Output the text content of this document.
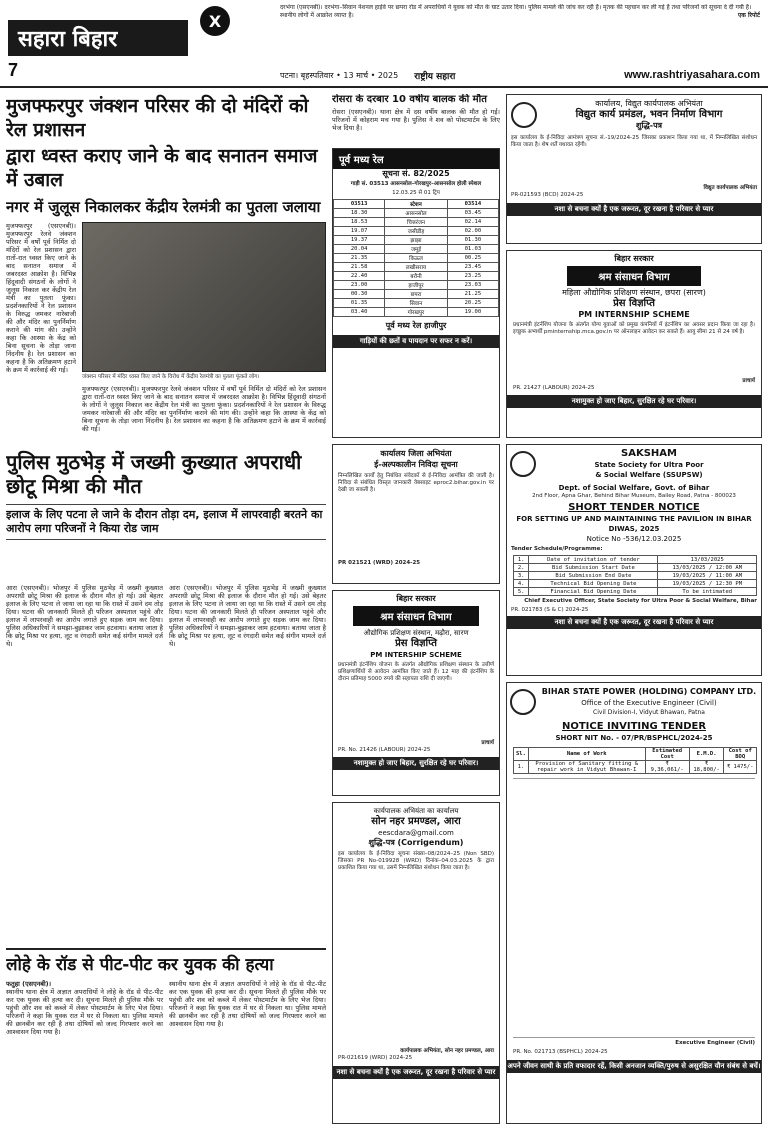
सहारा बिहार
7
X
दरभंगा (एसएनबी)। दरभंगा–सिवान नेशनल हाईवे पर छपरा रोड में अपराधियों ने युवक को मौत के घाट उतार दिया। पुलिस मामले की जांच कर रही है। मृतक की पहचान कर ली गई है तथा परिजनों को सूचना दे दी गयी है। स्थानीय लोगों में आक्रोश व्याप्त है।	एक रिपोर्ट
पटना। बृहस्पतिवार • 13 मार्च • 2025 राष्ट्रीय सहारा	www.rashtriyasahara.com
मुजफ्फरपुर जंक्शन परिसर की दो मंदिरों को रेल प्रशासन
द्वारा ध्वस्त कराए जाने के बाद सनातन समाज में उबाल
नगर में जुलूस निकालकर केंद्रीय रेलमंत्री का पुतला जलाया
मुजफ्फरपुर (एसएनबी)। मुजफ्फरपुर रेलवे जंक्शन परिसर में वर्षों पूर्व निर्मित दो मंदिरों को रेल प्रशासन द्वारा रातों-रात ध्वस्त किए जाने के बाद सनातन समाज में जबरदस्त आक्रोश है। विभिन्न हिंदूवादी संगठनों के लोगों ने जुलूस निकाल कर केंद्रीय रेल मंत्री का पुतला फूंका। प्रदर्शनकारियों ने रेल प्रशासन के विरुद्ध जमकर नारेबाजी की और मंदिर का पुनर्निर्माण कराने की मांग की। उन्होंने कहा कि आस्था के केंद्र को बिना सूचना के तोड़ा जाना निंदनीय है। रेल प्रशासन का कहना है कि अतिक्रमण हटाने के क्रम में कार्रवाई की गई।
जंक्शन परिसर में मंदिर ध्वस्त किए जाने के विरोध में केंद्रीय रेलमंत्री का पुतला फूंकते लोग।
मुजफ्फरपुर (एसएनबी)। मुजफ्फरपुर रेलवे जंक्शन परिसर में वर्षों पूर्व निर्मित दो मंदिरों को रेल प्रशासन द्वारा रातों-रात ध्वस्त किए जाने के बाद सनातन समाज में जबरदस्त आक्रोश है। विभिन्न हिंदूवादी संगठनों के लोगों ने जुलूस निकाल कर केंद्रीय रेल मंत्री का पुतला फूंका। प्रदर्शनकारियों ने रेल प्रशासन के विरुद्ध जमकर नारेबाजी की और मंदिर का पुनर्निर्माण कराने की मांग की। उन्होंने कहा कि आस्था के केंद्र को बिना सूचना के तोड़ा जाना निंदनीय है। रेल प्रशासन का कहना है कि अतिक्रमण हटाने के क्रम में कार्रवाई की गई।
रोसरा के दरबार 10 वर्षीय बालक की मौत
रोसरा (एसएनबी)। थाना क्षेत्र में दस वर्षीय बालक की मौत हो गई। परिजनों में कोहराम मच गया है। पुलिस ने शव को पोस्टमार्टम के लिए भेज दिया है।
पूर्व मध्य रेल
सूचना सं. 82/2025
गाड़ी सं. 03513 आसनसोल–गोरखपुर–आसनसोल होली स्पेशल
12.03.25 से 01 ट्रिप
03513	स्टेशन	03514
18.30	आसनसोल	03.45
18.53	चित्तरंजन	02.14
19.07	जसीडीह	02.00
19.37	झाझा	01.30
20.04	जमुई	01.03
21.35	किऊल	00.25
21.58	लखीसराय	23.45
22.40	बरौनी	23.25
23.00	हाजीपुर	23.03
00.30	छपरा	21.25
01.35	सिवान	20.25
03.40	गोरखपुर	19.00
पूर्व मध्य रेल हाजीपुर
गाड़ियों की छतों व पायदान पर सफर न करें।
कार्यालय, विद्युत कार्यपालक अभियंता
विद्युत कार्य प्रमंडल, भवन निर्माण विभाग
शुद्धि-पत्र
इस कार्यालय के ई-निविदा आमंत्रण सूचना सं.-19/2024-25 जिसका प्रकाशन किया गया था, में निम्नलिखित संशोधन किया जाता है। शेष शर्तें यथावत रहेंगी।
विद्युत कार्यपालक अभियंता
PR-021593 (BCD) 2024-25
नशा से बचना क्यों है एक जरूरत, दूर रखना है परिवार से प्यार
बिहार सरकार
श्रम संसाधन विभाग
महिला औद्योगिक प्रशिक्षण संस्थान, छपरा (सारण)
प्रेस विज्ञप्ति
PM INTERNSHIP SCHEME
प्रधानमंत्री इंटर्नशिप योजना के अंतर्गत योग्य युवाओं को प्रमुख कंपनियों में इंटर्नशिप का अवसर प्रदान किया जा रहा है। इच्छुक अभ्यर्थी pminternship.mca.gov.in पर ऑनलाइन आवेदन कर सकते हैं। आयु सीमा 21 से 24 वर्ष है।
प्राचार्य
PR. 21427 (LABOUR) 2024-25
नशामुक्त हो जाए बिहार, सुरक्षित रहे घर परिवार।
पुलिस मुठभेड़ में जख्मी कुख्यात अपराधी छोटू मिश्रा की मौत
इलाज के लिए पटना ले जाने के दौरान तोड़ा दम, इलाज में लापरवाही बरतने का आरोप लगा परिजनों ने किया रोड जाम
कार्यालय जिला अभियंता
ई-अल्पकालीन निविदा सूचना
निम्नलिखित कार्यों हेतु निबंधित संवेदकों से ई-निविदा आमंत्रित की जाती है। निविदा से संबंधित विस्तृत जानकारी वेबसाइट eproc2.bihar.gov.in पर देखी जा सकती है।
PR 021521 (WRD) 2024-25
आरा (एसएनबी)। भोजपुर में पुलिस मुठभेड़ में जख्मी कुख्यात अपराधी छोटू मिश्रा की इलाज के दौरान मौत हो गई। उसे बेहतर इलाज के लिए पटना ले जाया जा रहा था कि रास्ते में उसने दम तोड़ दिया। घटना की जानकारी मिलते ही परिजन अस्पताल पहुंचे और इलाज में लापरवाही का आरोप लगाते हुए सड़क जाम कर दिया। पुलिस अधिकारियों ने समझा-बुझाकर जाम हटवाया। बताया जाता है कि छोटू मिश्रा पर हत्या, लूट व रंगदारी समेत कई संगीन मामले दर्ज थे।
आरा (एसएनबी)। भोजपुर में पुलिस मुठभेड़ में जख्मी कुख्यात अपराधी छोटू मिश्रा की इलाज के दौरान मौत हो गई। उसे बेहतर इलाज के लिए पटना ले जाया जा रहा था कि रास्ते में उसने दम तोड़ दिया। घटना की जानकारी मिलते ही परिजन अस्पताल पहुंचे और इलाज में लापरवाही का आरोप लगाते हुए सड़क जाम कर दिया। पुलिस अधिकारियों ने समझा-बुझाकर जाम हटवाया। बताया जाता है कि छोटू मिश्रा पर हत्या, लूट व रंगदारी समेत कई संगीन मामले दर्ज थे।
बिहार सरकार
श्रम संसाधन विभाग
औद्योगिक प्रशिक्षण संस्थान, मढ़ौरा, सारण
प्रेस विज्ञप्ति
PM INTERSHIP SCHEME
प्रधानमंत्री इंटर्नशिप योजना के अंतर्गत औद्योगिक प्रशिक्षण संस्थान के उत्तीर्ण प्रशिक्षणार्थियों से आवेदन आमंत्रित किए जाते हैं। 12 माह की इंटर्नशिप के दौरान प्रतिमाह 5000 रुपये की सहायता राशि दी जाएगी।
प्राचार्य
PR. No. 21426 (LABOUR) 2024-25
नशामुक्त हो जाए बिहार, सुरक्षित रहे घर परिवार।
SAKSHAM
State Society for Ultra Poor
& Social Welfare (SSUPSW)
Dept. of Social Welfare, Govt. of Bihar
2nd Floor, Apna Ghar, Behind Bihar Museum, Bailey Road, Patna - 800023
SHORT TENDER NOTICE
FOR SETTING UP AND MAINTAINING THE PAVILION IN BIHAR DIWAS, 2025
Notice No -536/12.03.2025
Tender Schedule/Programme:
1.	Date of invitation of tender	13/03/2025
2.	Bid Submission Start Date	13/03/2025 / 12:00 AM
3.	Bid Submission End Date	19/03/2025 / 11:00 AM
4.	Technical Bid Opening Date	19/03/2025 / 12:30 PM
5.	Financial Bid Opening Date	To be intimated
Chief Executive Officer, State Society for Ultra Poor & Social Welfare, Bihar
PR. 021783 (S & C) 2024-25
नशा से बचना क्यों है एक जरूरत, दूर रखना है परिवार से प्यार
कार्यपालक अभियंता का कार्यालय
सोन नहर प्रमण्डल, आरा
eescdara@gmail.com
शुद्धि-पत्र (Corrigendum)
इस कार्यालय के ई-निविदा सूचना संख्या–08/2024–25 (Non SBD) जिसका PR No-019928 (WRD) दिनांक–04.03.2025 के द्वारा प्रकाशित किया गया था, उसमें निम्नलिखित संशोधन किया जाता है।
कार्यपालक अभियंता, सोन नहर प्रमण्डल, आरा
PR-021619 (WRD) 2024-25
नशा से बचना क्यों है एक जरूरत, दूर रखना है परिवार से प्यार
BIHAR STATE POWER (HOLDING) COMPANY LTD.
Office of the Executive Engineer (Civil)
Civil Division-I, Vidyut Bhawan, Patna
NOTICE INVITING TENDER
SHORT NIT No. - 07/PR/BSPHCL/2024-25
Sl.	Name of Work	Estimated Cost	E.M.D.	Cost of BOQ
1.	Provision of Sanitary fitting & repair work in Vidyut Bhawan-I	₹ 9,36,061/-	₹ 18,800/-	₹ 1475/-
Executive Engineer (Civil)
PR. No. 021713 (BSPHCL) 2024-25
अपने जीवन साथी के प्रति वफादार रहें, किसी अनजान व्यक्ति/पुरुष से असुरक्षित यौन संबंध से बचें।
लोहे के रॉड से पीट-पीट कर युवक की हत्या
फतुहा (एसएनबी)।
स्थानीय थाना क्षेत्र में अज्ञात अपराधियों ने लोहे के रॉड से पीट-पीट कर एक युवक की हत्या कर दी। सूचना मिलते ही पुलिस मौके पर पहुंची और शव को कब्जे में लेकर पोस्टमार्टम के लिए भेज दिया। परिजनों ने कहा कि युवक रात में घर से निकला था। पुलिस मामले की छानबीन कर रही है तथा दोषियों को जल्द गिरफ्तार करने का आश्वासन दिया गया है।
स्थानीय थाना क्षेत्र में अज्ञात अपराधियों ने लोहे के रॉड से पीट-पीट कर एक युवक की हत्या कर दी। सूचना मिलते ही पुलिस मौके पर पहुंची और शव को कब्जे में लेकर पोस्टमार्टम के लिए भेज दिया। परिजनों ने कहा कि युवक रात में घर से निकला था। पुलिस मामले की छानबीन कर रही है तथा दोषियों को जल्द गिरफ्तार करने का आश्वासन दिया गया है।
